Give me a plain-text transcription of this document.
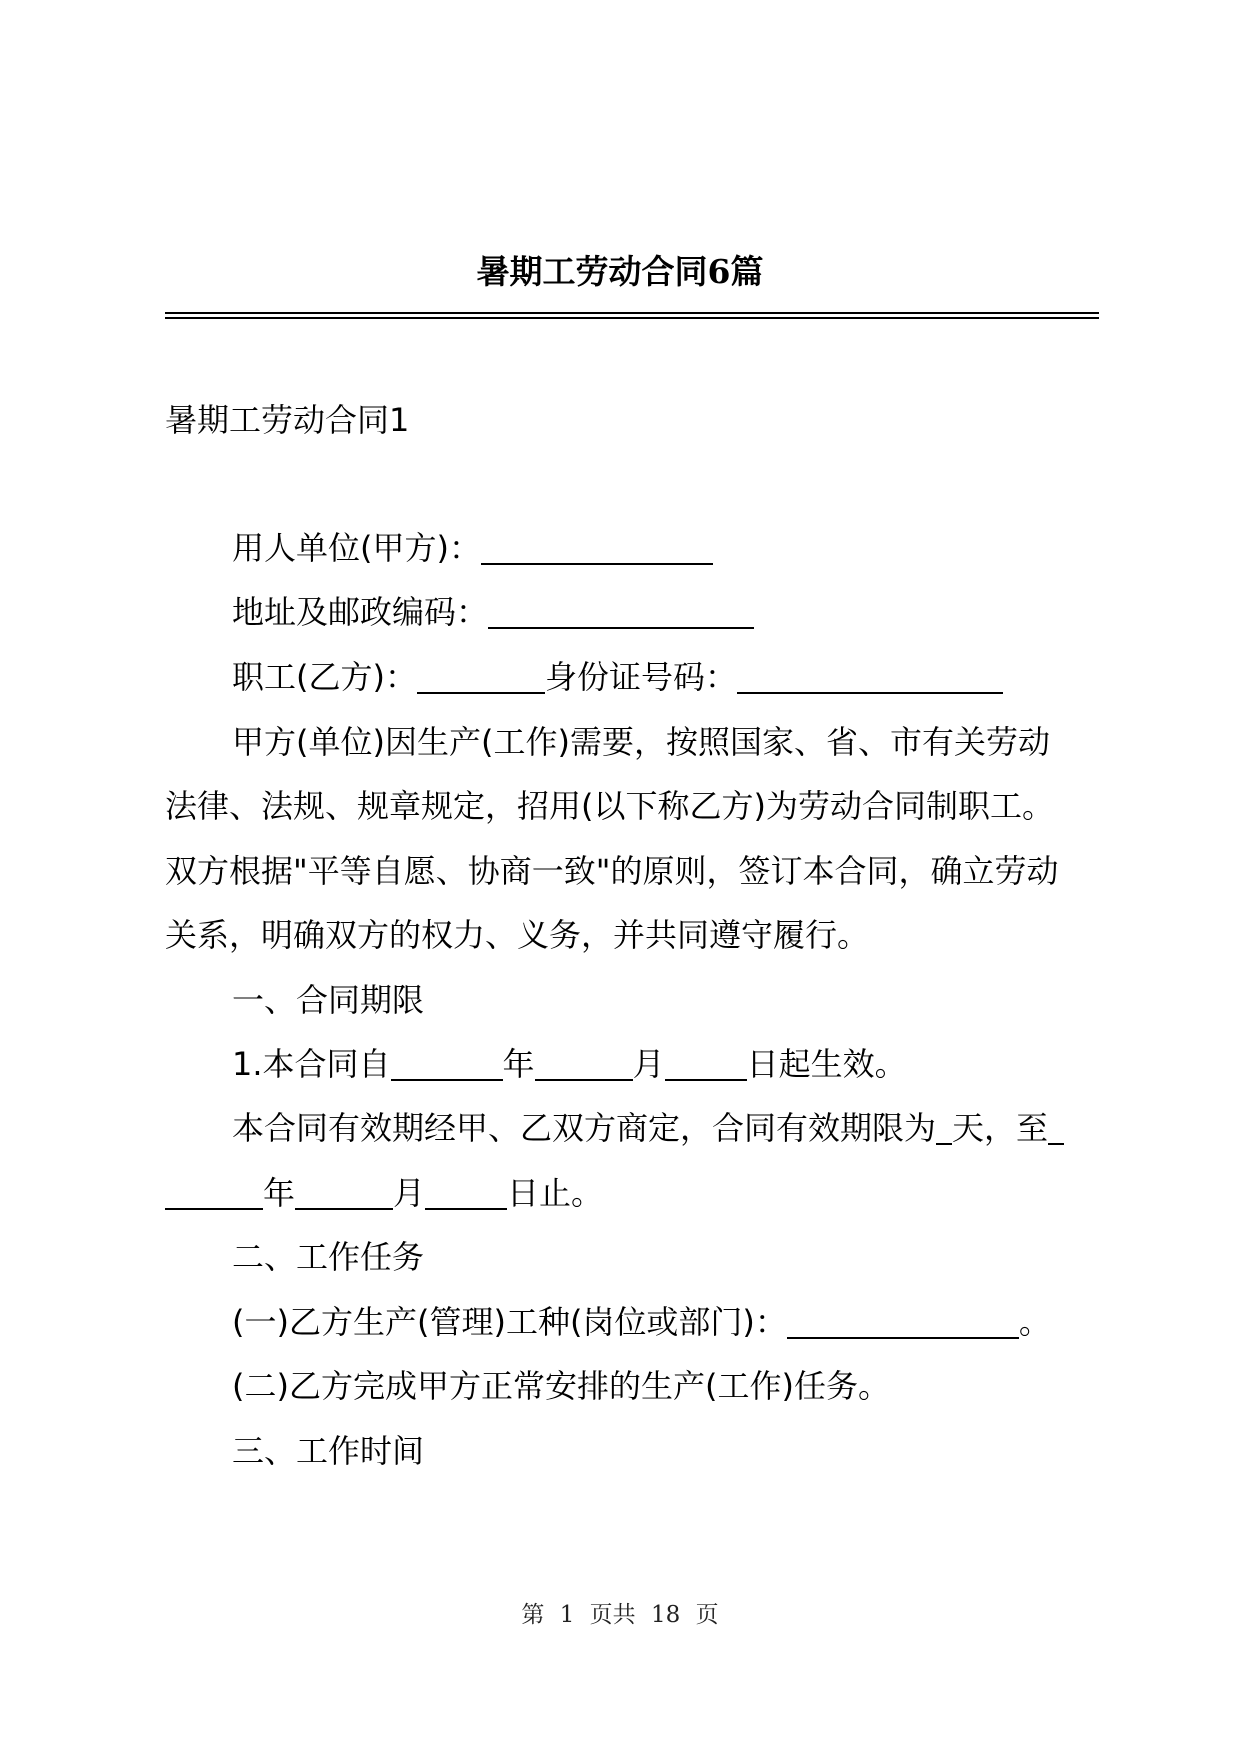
暑期工劳动合同6篇
暑期工劳动合同1
用人单位(甲方)：
地址及邮政编码：
职工(乙方)：	身份证号码：
甲方(单位)因生产(工作)需要，按照国家、省、市有关劳动
法律、法规、规章规定，招用(以下称乙方)为劳动合同制职工。
双方根据"平等自愿、协商一致"的原则，签订本合同，确立劳动
关系，明确双方的权力、义务，并共同遵守履行。
一、合同期限
1.本合同自	年	月	日起生效。
本合同有效期经甲、乙双方商定，合同有效期限为 天，至
年	月	日止。
二、工作任务
(一)乙方生产(管理)工种(岗位或部门)：	。
(二)乙方完成甲方正常安排的生产(工作)任务。
三、工作时间
第 1 页共 18 页
